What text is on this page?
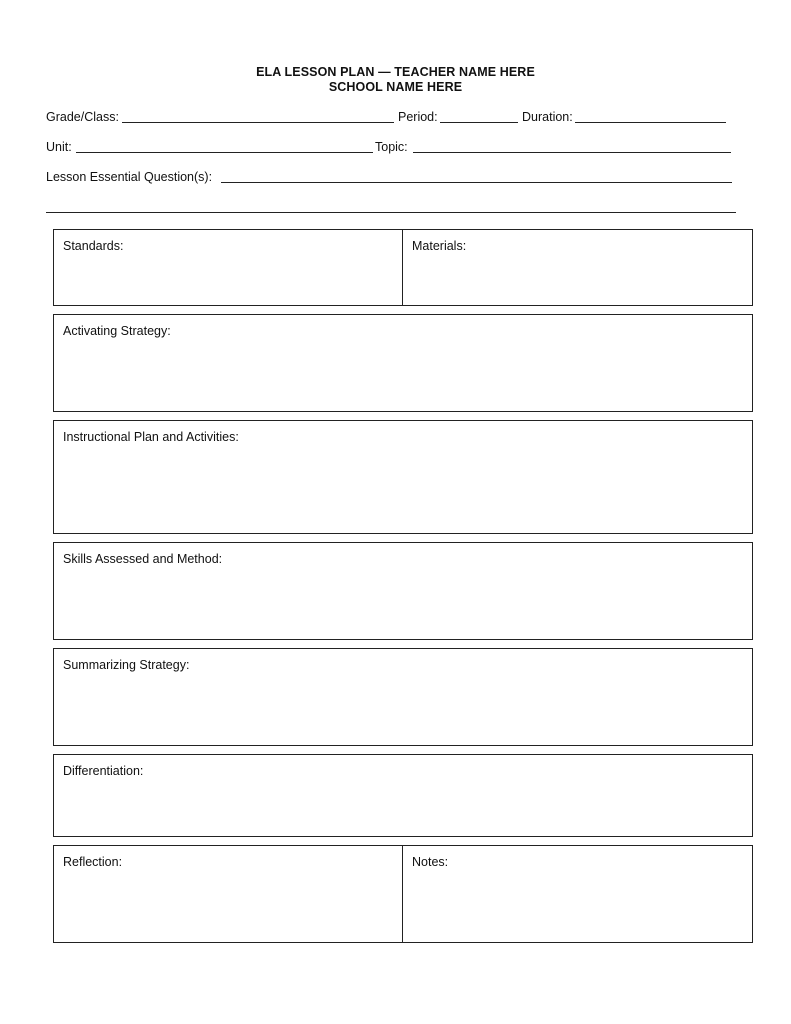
ELA LESSON PLAN — TEACHER NAME HERE
SCHOOL NAME HERE
Grade/Class:	Period:	Duration:
Unit:	Topic:
Lesson Essential Question(s):
Standards:	Materials:
Activating Strategy:
Instructional Plan and Activities:
Skills Assessed and Method:
Summarizing Strategy:
Differentiation:
Reflection:	Notes:
